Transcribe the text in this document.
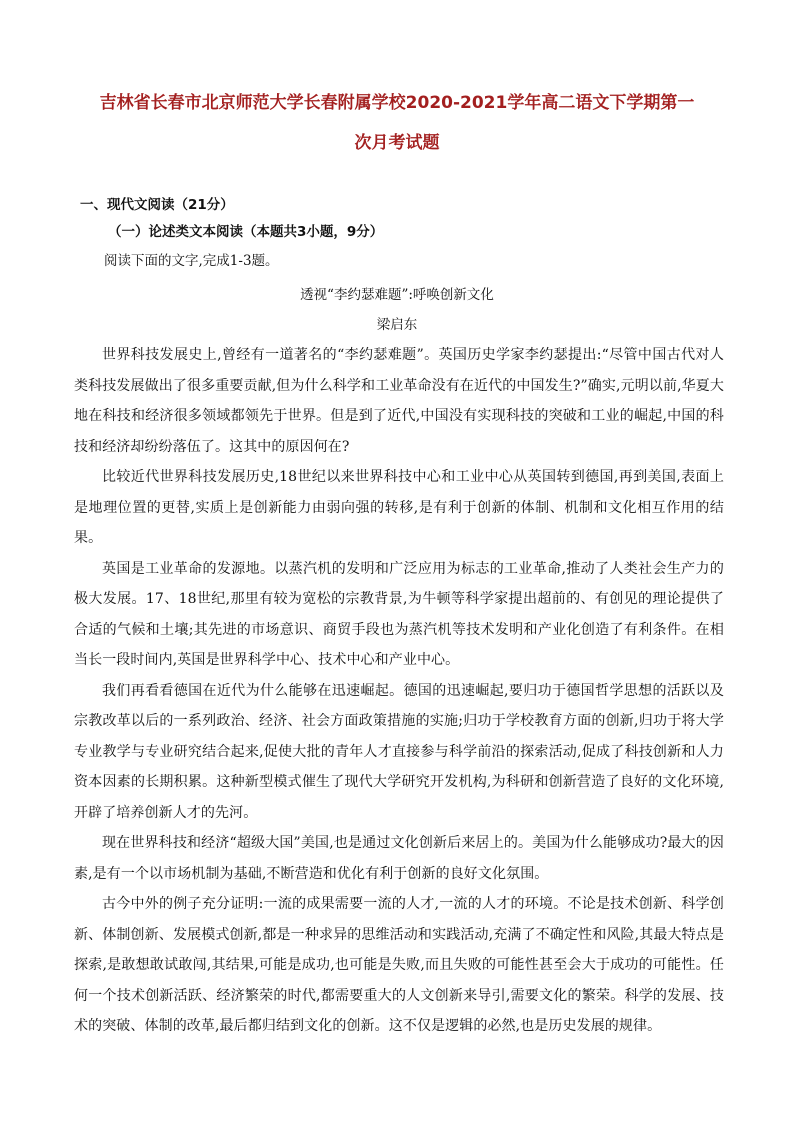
吉林省长春市北京师范大学长春附属学校2020-2021学年高二语文下学期第一
次月考试题
一、现代文阅读（21分）
（一）论述类文本阅读（本题共3小题，9分）
阅读下面的文字,完成1-3题。
透视“李约瑟难题”:呼唤创新文化
梁启东

世界科技发展史上,曾经有一道著名的“李约瑟难题”。英国历史学家李约瑟提出:“尽管中国古代对人类科技发展做出了很多重要贡献,但为什么科学和工业革命没有在近代的中国发生?”确实,元明以前,华夏大地在科技和经济很多领域都领先于世界。但是到了近代,中国没有实现科技的突破和工业的崛起,中国的科技和经济却纷纷落伍了。这其中的原因何在?

比较近代世界科技发展历史,18世纪以来世界科技中心和工业中心从英国转到德国,再到美国,表面上是地理位置的更替,实质上是创新能力由弱向强的转移,是有利于创新的体制、机制和文化相互作用的结果。

英国是工业革命的发源地。以蒸汽机的发明和广泛应用为标志的工业革命,推动了人类社会生产力的极大发展。17、18世纪,那里有较为宽松的宗教背景,为牛顿等科学家提出超前的、有创见的理论提供了合适的气候和土壤;其先进的市场意识、商贸手段也为蒸汽机等技术发明和产业化创造了有利条件。在相当长一段时间内,英国是世界科学中心、技术中心和产业中心。

我们再看看德国在近代为什么能够在迅速崛起。德国的迅速崛起,要归功于德国哲学思想的活跃以及宗教改革以后的一系列政治、经济、社会方面政策措施的实施;归功于学校教育方面的创新,归功于将大学专业教学与专业研究结合起来,促使大批的青年人才直接参与科学前沿的探索活动,促成了科技创新和人力资本因素的长期积累。这种新型模式催生了现代大学研究开发机构,为科研和创新营造了良好的文化环境,开辟了培养创新人才的先河。

现在世界科技和经济“超级大国”美国,也是通过文化创新后来居上的。美国为什么能够成功?最大的因素,是有一个以市场机制为基础,不断营造和优化有利于创新的良好文化氛围。

古今中外的例子充分证明:一流的成果需要一流的人才,一流的人才的环境。不论是技术创新、科学创新、体制创新、发展模式创新,都是一种求异的思维活动和实践活动,充满了不确定性和风险,其最大特点是探索,是敢想敢试敢闯,其结果,可能是成功,也可能是失败,而且失败的可能性甚至会大于成功的可能性。任何一个技术创新活跃、经济繁荣的时代,都需要重大的人文创新来导引,需要文化的繁荣。科学的发展、技术的突破、体制的改革,最后都归结到文化的创新。这不仅是逻辑的必然,也是历史发展的规律。
